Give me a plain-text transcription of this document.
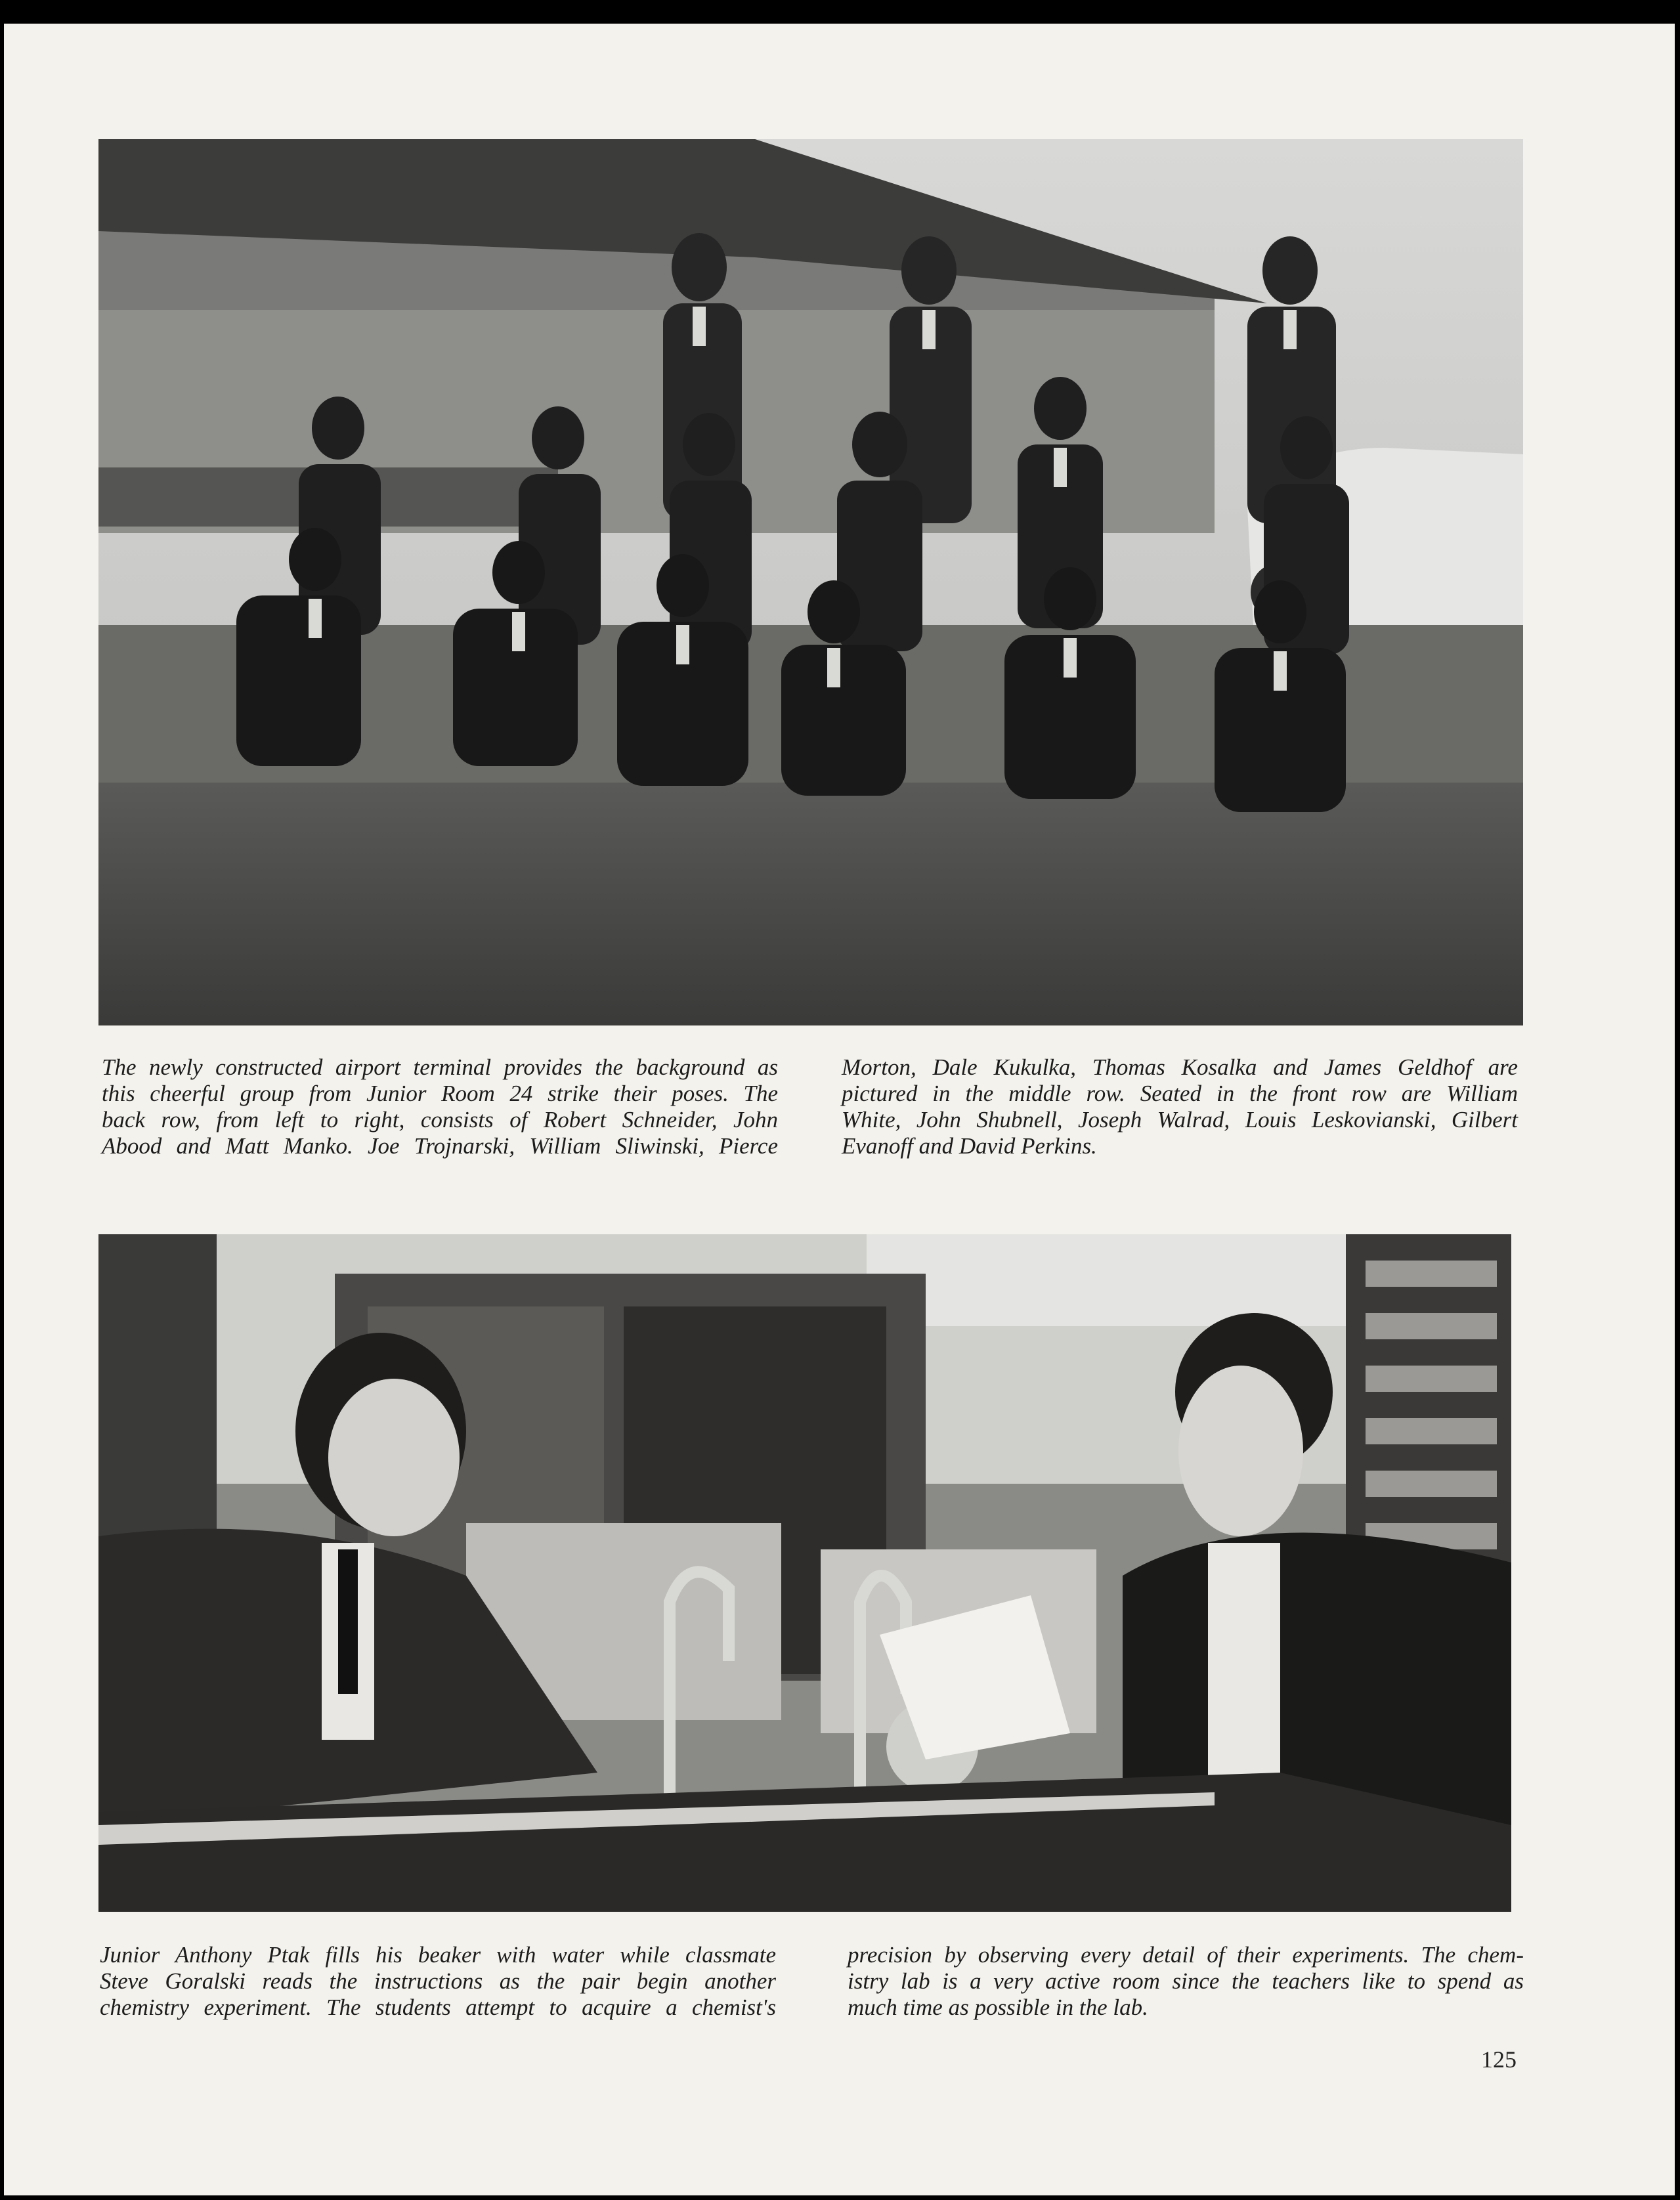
The newly constructed airport terminal provides the background as

this cheerful group from Junior Room 24 strike their poses. The

back row, from left to right, consists of Robert Schneider, John

Abood and Matt Manko. Joe Trojnarski, William Sliwinski, Pierce

Morton, Dale Kukulka, Thomas Kosalka and James Geldhof are

pictured in the middle row. Seated in the front row are William

White, John Shubnell, Joseph Walrad, Louis Leskovianski, Gilbert

Evanoff and David Perkins.

Junior Anthony Ptak fills his beaker with water while classmate

Steve Goralski reads the instructions as the pair begin another

chemistry experiment. The students attempt to acquire a chemist's

precision by observing every detail of their experiments. The chem-

istry lab is a very active room since the teachers like to spend as

much time as possible in the lab.

125
